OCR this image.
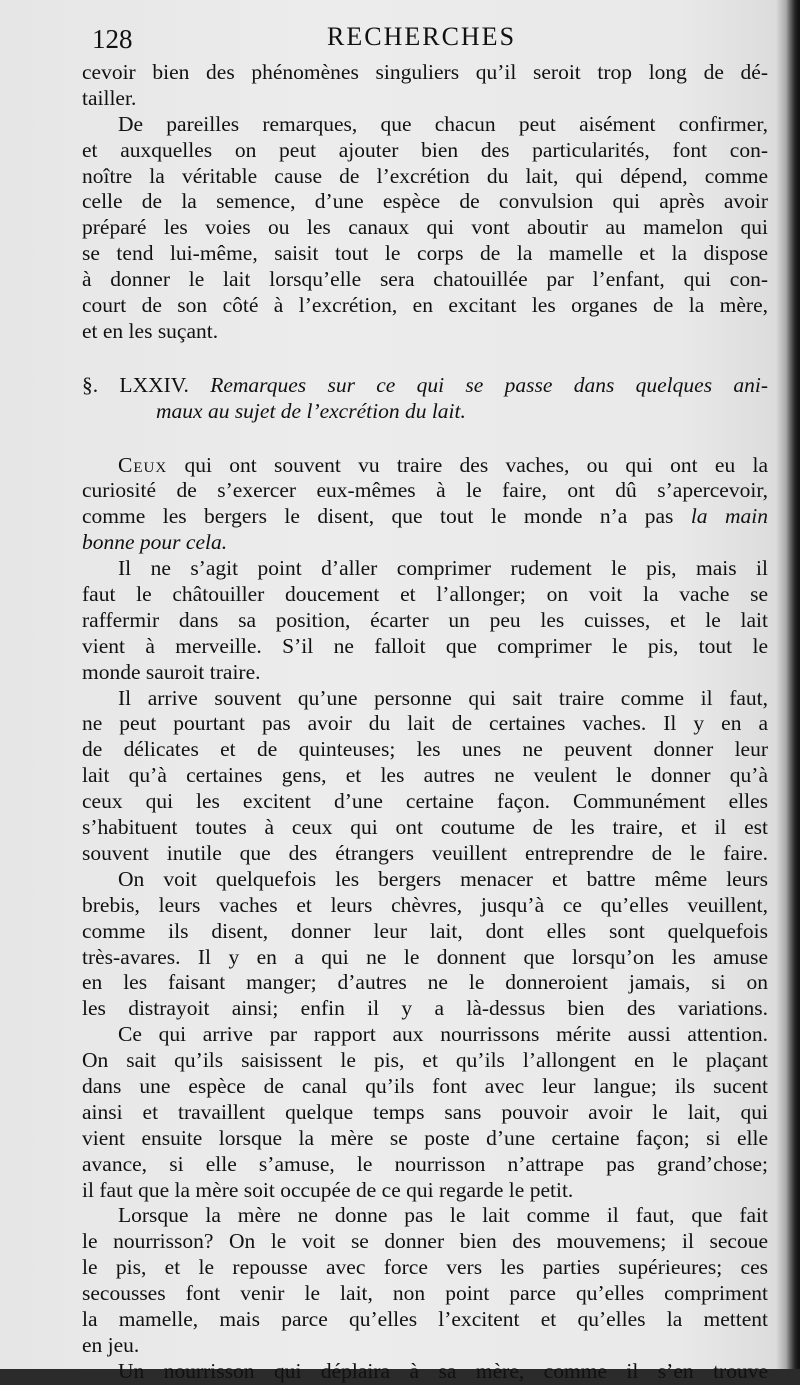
128	RECHERCHES
cevoir bien des phénomènes singuliers qu’il seroit trop long de dé-
tailler.
De pareilles remarques, que chacun peut aisément confirmer,
et auxquelles on peut ajouter bien des particularités, font con-
noître la véritable cause de l’excrétion du lait, qui dépend, comme
celle de la semence, d’une espèce de convulsion qui après avoir
préparé les voies ou les canaux qui vont aboutir au mamelon qui
se tend lui-même, saisit tout le corps de la mamelle et la dispose
à donner le lait lorsqu’elle sera chatouillée par l’enfant, qui con-
court de son côté à l’excrétion, en excitant les organes de la mère,
et en les suçant.
§. LXXIV. Remarques sur ce qui se passe dans quelques ani-
maux au sujet de l’excrétion du lait.
Ceux qui ont souvent vu traire des vaches, ou qui ont eu la
curiosité de s’exercer eux-mêmes à le faire, ont dû s’apercevoir,
comme les bergers le disent, que tout le monde n’a pas la main
bonne pour cela.
Il ne s’agit point d’aller comprimer rudement le pis, mais il
faut le châtouiller doucement et l’allonger; on voit la vache se
raffermir dans sa position, écarter un peu les cuisses, et le lait
vient à merveille. S’il ne falloit que comprimer le pis, tout le
monde sauroit traire.
Il arrive souvent qu’une personne qui sait traire comme il faut,
ne peut pourtant pas avoir du lait de certaines vaches. Il y en a
de délicates et de quinteuses; les unes ne peuvent donner leur
lait qu’à certaines gens, et les autres ne veulent le donner qu’à
ceux qui les excitent d’une certaine façon. Communément elles
s’habituent toutes à ceux qui ont coutume de les traire, et il est
souvent inutile que des étrangers veuillent entreprendre de le faire.
On voit quelquefois les bergers menacer et battre même leurs
brebis, leurs vaches et leurs chèvres, jusqu’à ce qu’elles veuillent,
comme ils disent, donner leur lait, dont elles sont quelquefois
très-avares. Il y en a qui ne le donnent que lorsqu’on les amuse
en les faisant manger; d’autres ne le donneroient jamais, si on
les distrayoit ainsi; enfin il y a là-dessus bien des variations.
Ce qui arrive par rapport aux nourrissons mérite aussi attention.
On sait qu’ils saisissent le pis, et qu’ils l’allongent en le plaçant
dans une espèce de canal qu’ils font avec leur langue; ils sucent
ainsi et travaillent quelque temps sans pouvoir avoir le lait, qui
vient ensuite lorsque la mère se poste d’une certaine façon; si elle
avance, si elle s’amuse, le nourrisson n’attrape pas grand’chose;
il faut que la mère soit occupée de ce qui regarde le petit.
Lorsque la mère ne donne pas le lait comme il faut, que fait
le nourrisson? On le voit se donner bien des mouvemens; il secoue
le pis, et le repousse avec force vers les parties supérieures; ces
secousses font venir le lait, non point parce qu’elles compriment
la mamelle, mais parce qu’elles l’excitent et qu’elles la mettent
en jeu.
Un nourrisson qui déplaira à sa mère, comme il s’en trouve
